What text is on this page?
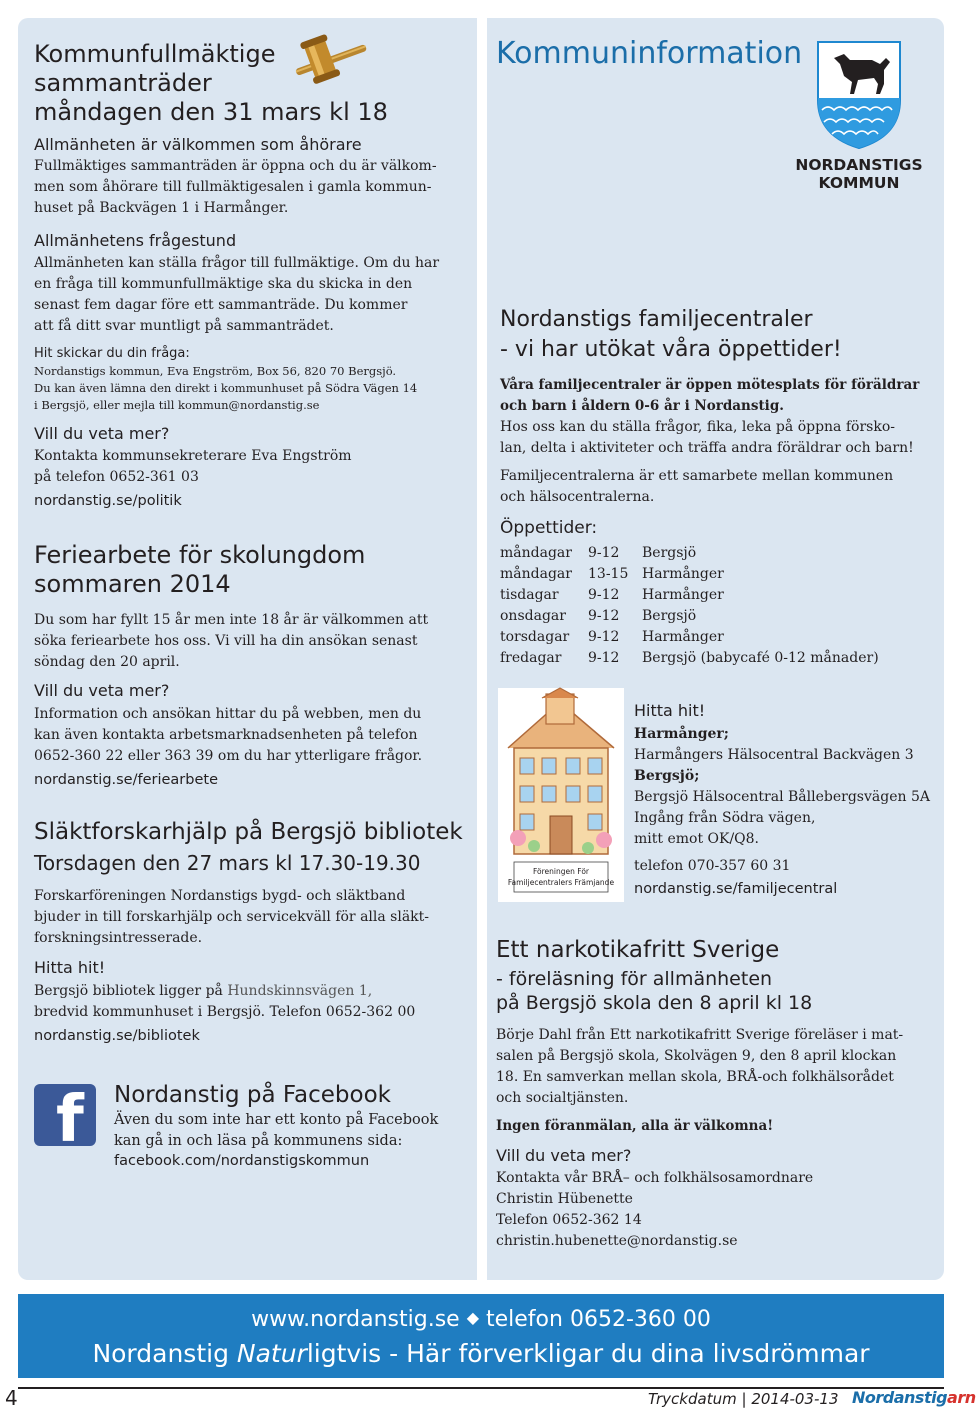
Kommunfullmäktige
sammanträder
måndagen den 31 mars kl 18
Allmänheten är välkommen som åhörare
Fullmäktiges sammanträden är öppna och du är välkom-
men som åhörare till fullmäktigesalen i gamla kommun-
huset på Backvägen 1 i Harmånger.
Allmänhetens frågestund
Allmänheten kan ställa frågor till fullmäktige. Om du har
en fråga till kommunfullmäktige ska du skicka in den
senast fem dagar före ett sammanträde. Du kommer
att få ditt svar muntligt på sammanträdet.
Hit skickar du din fråga:
Nordanstigs kommun, Eva Engström, Box 56, 820 70 Bergsjö.
Du kan även lämna den direkt i kommunhuset på Södra Vägen 14
i Bergsjö, eller mejla till kommun@nordanstig.se
Vill du veta mer?
Kontakta kommunsekreterare Eva Engström
på telefon 0652-361 03
nordanstig.se/politik
Feriearbete för skolungdom
sommaren 2014
Du som har fyllt 15 år men inte 18 år är välkommen att
söka feriearbete hos oss. Vi vill ha din ansökan senast
söndag den 20 april.
Vill du veta mer?
Information och ansökan hittar du på webben, men du
kan även kontakta arbetsmarknadsenheten på telefon
0652-360 22 eller 363 39 om du har ytterligare frågor.
nordanstig.se/feriearbete
Släktforskarhjälp på Bergsjö bibliotek
Torsdagen den 27 mars kl 17.30-19.30
Forskarföreningen Nordanstigs bygd- och släktband
bjuder in till forskarhjälp och servicekväll för alla släkt-
forskningsintresserade.
Hitta hit!
Bergsjö bibliotek ligger på Hundskinnsvägen 1,
bredvid kommunhuset i Bergsjö. Telefon 0652-362 00
nordanstig.se/bibliotek
f Nordanstig på Facebook
Även du som inte har ett konto på Facebook
kan gå in och läsa på kommunens sida:
facebook.com/nordanstigskommun
Kommuninformation
NORDANSTIGS
KOMMUN
Nordanstigs familjecentraler
- vi har utökat våra öppettider!
Våra familjecentraler är öppen mötesplats för föräldrar
och barn i åldern 0-6 år i Nordanstig.
Hos oss kan du ställa frågor, fika, leka på öppna försko-
lan, delta i aktiviteter och träffa andra föräldrar och barn!
Familjecentralerna är ett samarbete mellan kommunen
och hälsocentralerna.
Öppettider:
måndagar 9-12 Bergsjö
måndagar 13-15 Harmånger
tisdagar 9-12 Harmånger
onsdagar 9-12 Bergsjö
torsdagar 9-12 Harmånger
fredagar 9-12 Bergsjö (babycafé 0-12 månader)
Föreningen För
Familjecentralers Främjande
Hitta hit!
Harmånger;
Harmångers Hälsocentral Backvägen 3
Bergsjö;
Bergsjö Hälsocentral Bållebergsvägen 5A
Ingång från Södra vägen,
mitt emot OK/Q8.
telefon 070-357 60 31
nordanstig.se/familjecentral
Ett narkotikafritt Sverige
- föreläsning för allmänheten
på Bergsjö skola den 8 april kl 18
Börje Dahl från Ett narkotikafritt Sverige föreläser i mat-
salen på Bergsjö skola, Skolvägen 9, den 8 april klockan
18. En samverkan mellan skola, BRÅ-och folkhälsorådet
och socialtjänsten.
Ingen föranmälan, alla är välkomna!
Vill du veta mer?
Kontakta vår BRÅ– och folkhälsosamordnare
Christin Hübenette
Telefon 0652-362 14
christin.hubenette@nordanstig.se
www.nordanstig.se ◆ telefon 0652-360 00
Nordanstig Naturligtvis - Här förverkligar du dina livsdrömmar
4	Tryckdatum | 2014-03-13 Nordanstigarn
